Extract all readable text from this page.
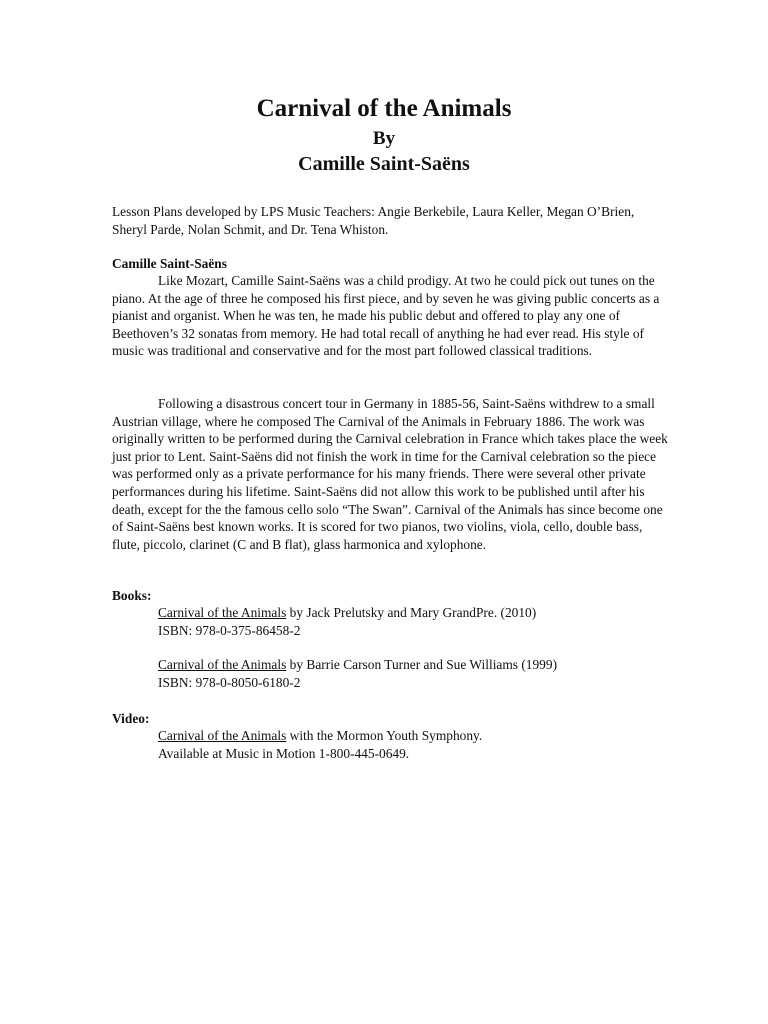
Carnival of the Animals
By
Camille Saint-Saëns

Lesson Plans developed by LPS Music Teachers: Angie Berkebile, Laura Keller, Megan O’Brien, Sheryl Parde, Nolan Schmit, and Dr. Tena Whiston.

Camille Saint-Saëns

Like Mozart, Camille Saint-Saëns was a child prodigy. At two he could pick out tunes on the piano. At the age of three he composed his first piece, and by seven he was giving public concerts as a pianist and organist. When he was ten, he made his public debut and offered to play any one of Beethoven’s 32 sonatas from memory. He had total recall of anything he had ever read. His style of music was traditional and conservative and for the most part followed classical traditions.

Following a disastrous concert tour in Germany in 1885-56, Saint-Saëns withdrew to a small Austrian village, where he composed The Carnival of the Animals in February 1886. The work was originally written to be performed during the Carnival celebration in France which takes place the week just prior to Lent. Saint-Saëns did not finish the work in time for the Carnival celebration so the piece was performed only as a private performance for his many friends. There were several other private performances during his lifetime. Saint-Saëns did not allow this work to be published until after his death, except for the the famous cello solo “The Swan”. Carnival of the Animals has since become one of Saint-Saëns best known works. It is scored for two pianos, two violins, viola, cello, double bass, flute, piccolo, clarinet (C and B flat), glass harmonica and xylophone.

Books:
Carnival of the Animals by Jack Prelutsky and Mary GrandPre. (2010)
ISBN: 978-0-375-86458-2
Carnival of the Animals by Barrie Carson Turner and Sue Williams (1999)
ISBN: 978-0-8050-6180-2
Video:
Carnival of the Animals with the Mormon Youth Symphony.
Available at Music in Motion 1-800-445-0649.
